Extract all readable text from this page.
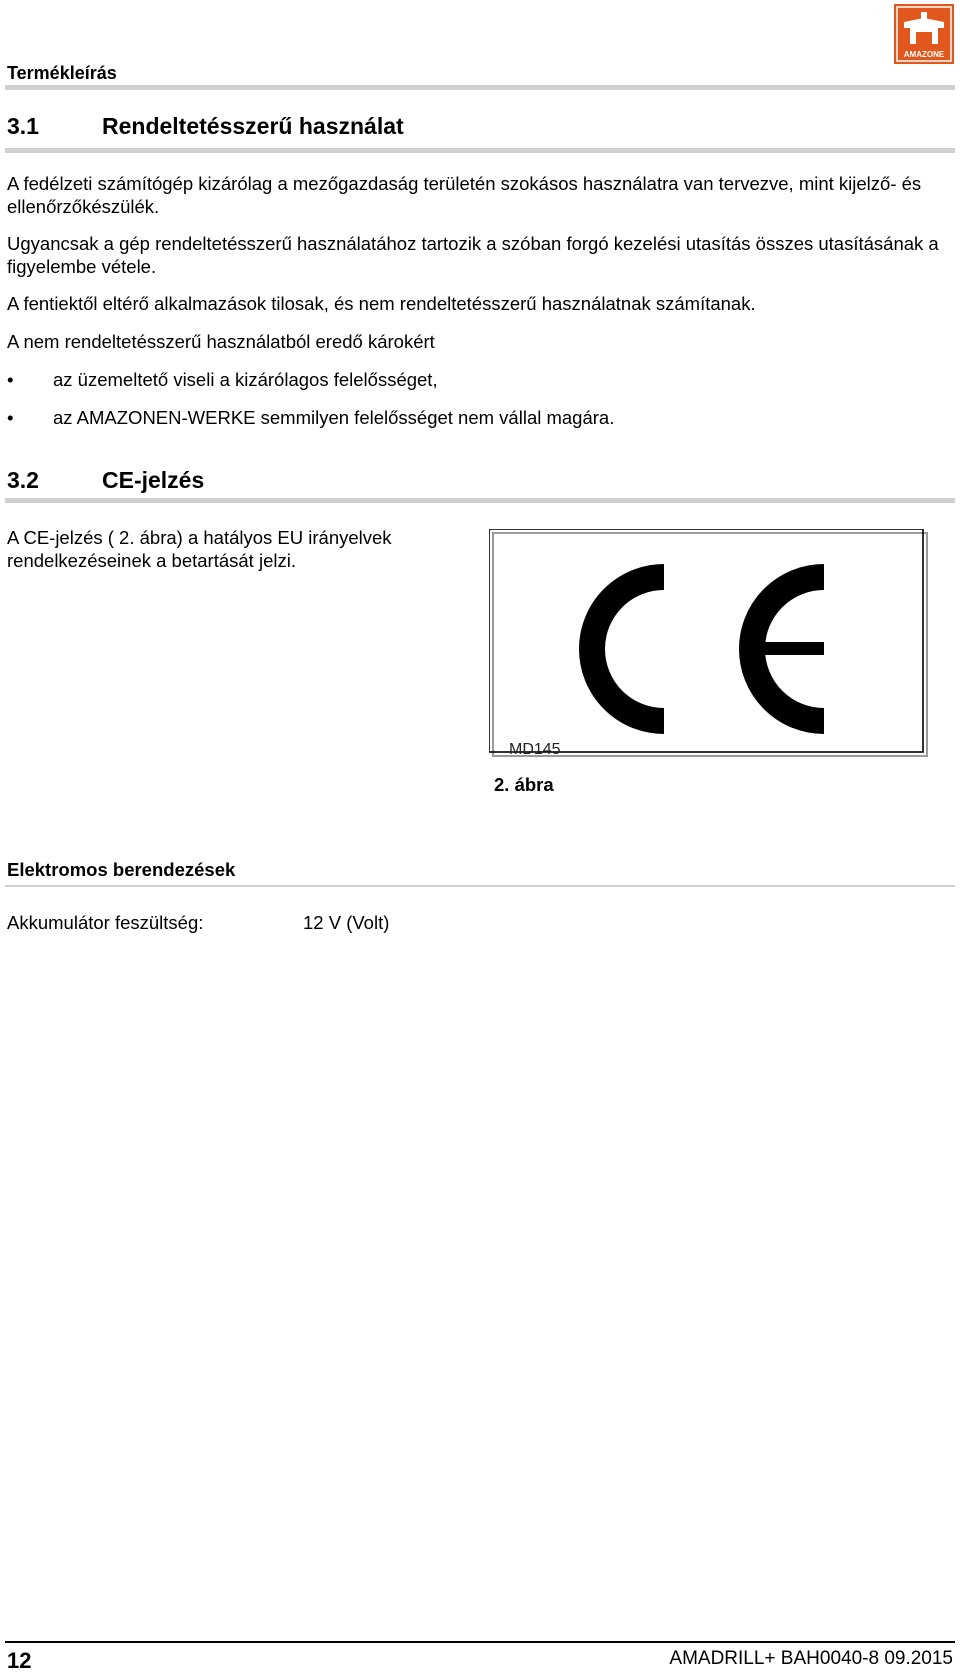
Termékleírás
AMAZONE
3.1	Rendeltetésszerű használat
A fedélzeti számítógép kizárólag a mezőgazdaság területén szokásos használatra van tervezve, mint kijelző- és ellenőrzőkészülék.
Ugyancsak a gép rendeltetésszerű használatához tartozik a szóban forgó kezelési utasítás összes utasításának a figyelembe vétele.
A fentiektől eltérő alkalmazások tilosak, és nem rendeltetésszerű használatnak számítanak.
A nem rendeltetésszerű használatból eredő károkért
• az üzemeltető viseli a kizárólagos felelősséget,
• az AMAZONEN-WERKE semmilyen felelősséget nem vállal magára.
3.2	CE-jelzés
A CE-jelzés ( 2. ábra) a hatályos EU irányelvek rendelkezéseinek a betartását jelzi.
MD145
2. ábra
Elektromos berendezések
Akkumulátor feszültség:	12 V (Volt)
12	AMADRILL+ BAH0040-8 09.2015
